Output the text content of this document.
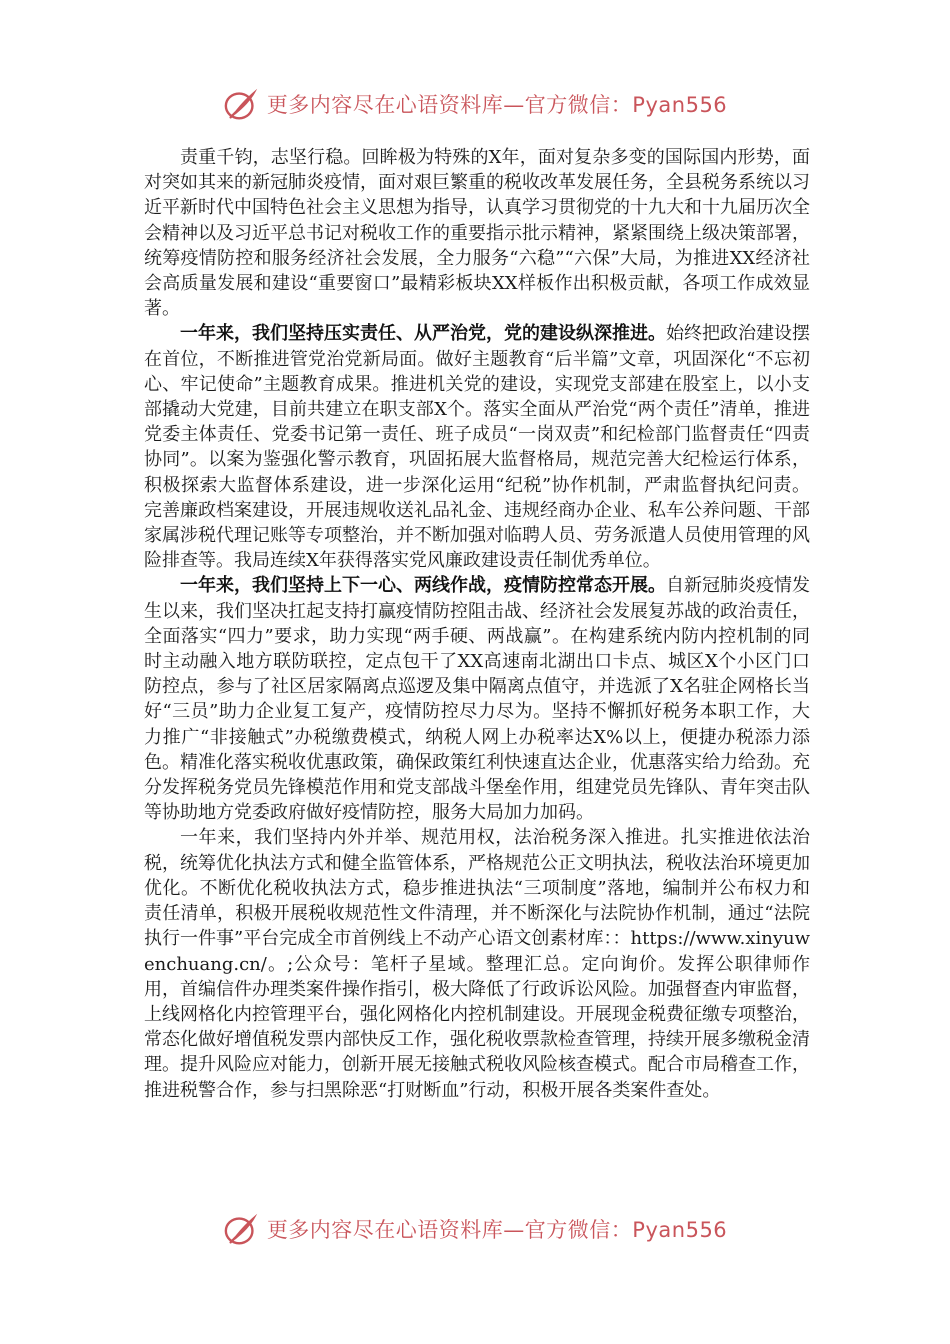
更多内容尽在心语资料库—官方微信：Pyan556

责重千钧，志坚行稳。回眸极为特殊的X年，面对复杂多变的国际国内形势，面对突如其来的新冠肺炎疫情，面对艰巨繁重的税收改革发展任务，全县税务系统以习近平新时代中国特色社会主义思想为指导，认真学习贯彻党的十九大和十九届历次全会精神以及习近平总书记对税收工作的重要指示批示精神，紧紧围绕上级决策部署，统筹疫情防控和服务经济社会发展，全力服务“六稳”“六保”大局，为推进XX经济社会高质量发展和建设“重要窗口”最精彩板块XX样板作出积极贡献，各项工作成效显著。

一年来，我们坚持压实责任、从严治党，党的建设纵深推进。始终把政治建设摆在首位，不断推进管党治党新局面。做好主题教育“后半篇”文章，巩固深化“不忘初心、牢记使命”主题教育成果。推进机关党的建设，实现党支部建在股室上，以小支部撬动大党建，目前共建立在职支部X个。落实全面从严治党“两个责任”清单，推进党委主体责任、党委书记第一责任、班子成员“一岗双责”和纪检部门监督责任“四责协同”。以案为鉴强化警示教育，巩固拓展大监督格局，规范完善大纪检运行体系，积极探索大监督体系建设，进一步深化运用“纪税”协作机制，严肃监督执纪问责。完善廉政档案建设，开展违规收送礼品礼金、违规经商办企业、私车公养问题、干部家属涉税代理记账等专项整治，并不断加强对临聘人员、劳务派遣人员使用管理的风险排查等。我局连续X年获得落实党风廉政建设责任制优秀单位。

一年来，我们坚持上下一心、两线作战，疫情防控常态开展。自新冠肺炎疫情发生以来，我们坚决扛起支持打赢疫情防控阻击战、经济社会发展复苏战的政治责任，全面落实“四力”要求，助力实现“两手硬、两战赢”。在构建系统内防内控机制的同时主动融入地方联防联控，定点包干了XX高速南北湖出口卡点、城区X个小区门口防控点，参与了社区居家隔离点巡逻及集中隔离点值守，并选派了X名驻企网格长当好“三员”助力企业复工复产，疫情防控尽力尽为。坚持不懈抓好税务本职工作，大力推广“非接触式”办税缴费模式，纳税人网上办税率达X%以上，便捷办税添力添色。精准化落实税收优惠政策，确保政策红利快速直达企业，优惠落实给力给劲。充分发挥税务党员先锋模范作用和党支部战斗堡垒作用，组建党员先锋队、青年突击队等协助地方党委政府做好疫情防控，服务大局加力加码。

一年来，我们坚持内外并举、规范用权，法治税务深入推进。扎实推进依法治税，统筹优化执法方式和健全监管体系，严格规范公正文明执法，税收法治环境更加优化。不断优化税收执法方式，稳步推进执法“三项制度”落地，编制并公布权力和责任清单，积极开展税收规范性文件清理，并不断深化与法院协作机制，通过“法院执行一件事”平台完成全市首例线上不动产心语文创素材库：：https://www.xinyuwenchuang.cn/。;公众号：笔杆子星域。整理汇总。定向询价。发挥公职律师作用，首编信件办理类案件操作指引，极大降低了行政诉讼风险。加强督查内审监督，上线网格化内控管理平台，强化网格化内控机制建设。开展现金税费征缴专项整治，常态化做好增值税发票内部快反工作，强化税收票款检查管理，持续开展多缴税金清理。提升风险应对能力，创新开展无接触式税收风险核查模式。配合市局稽查工作，推进税警合作，参与扫黑除恶“打财断血”行动，积极开展各类案件查处。

更多内容尽在心语资料库—官方微信：Pyan556
